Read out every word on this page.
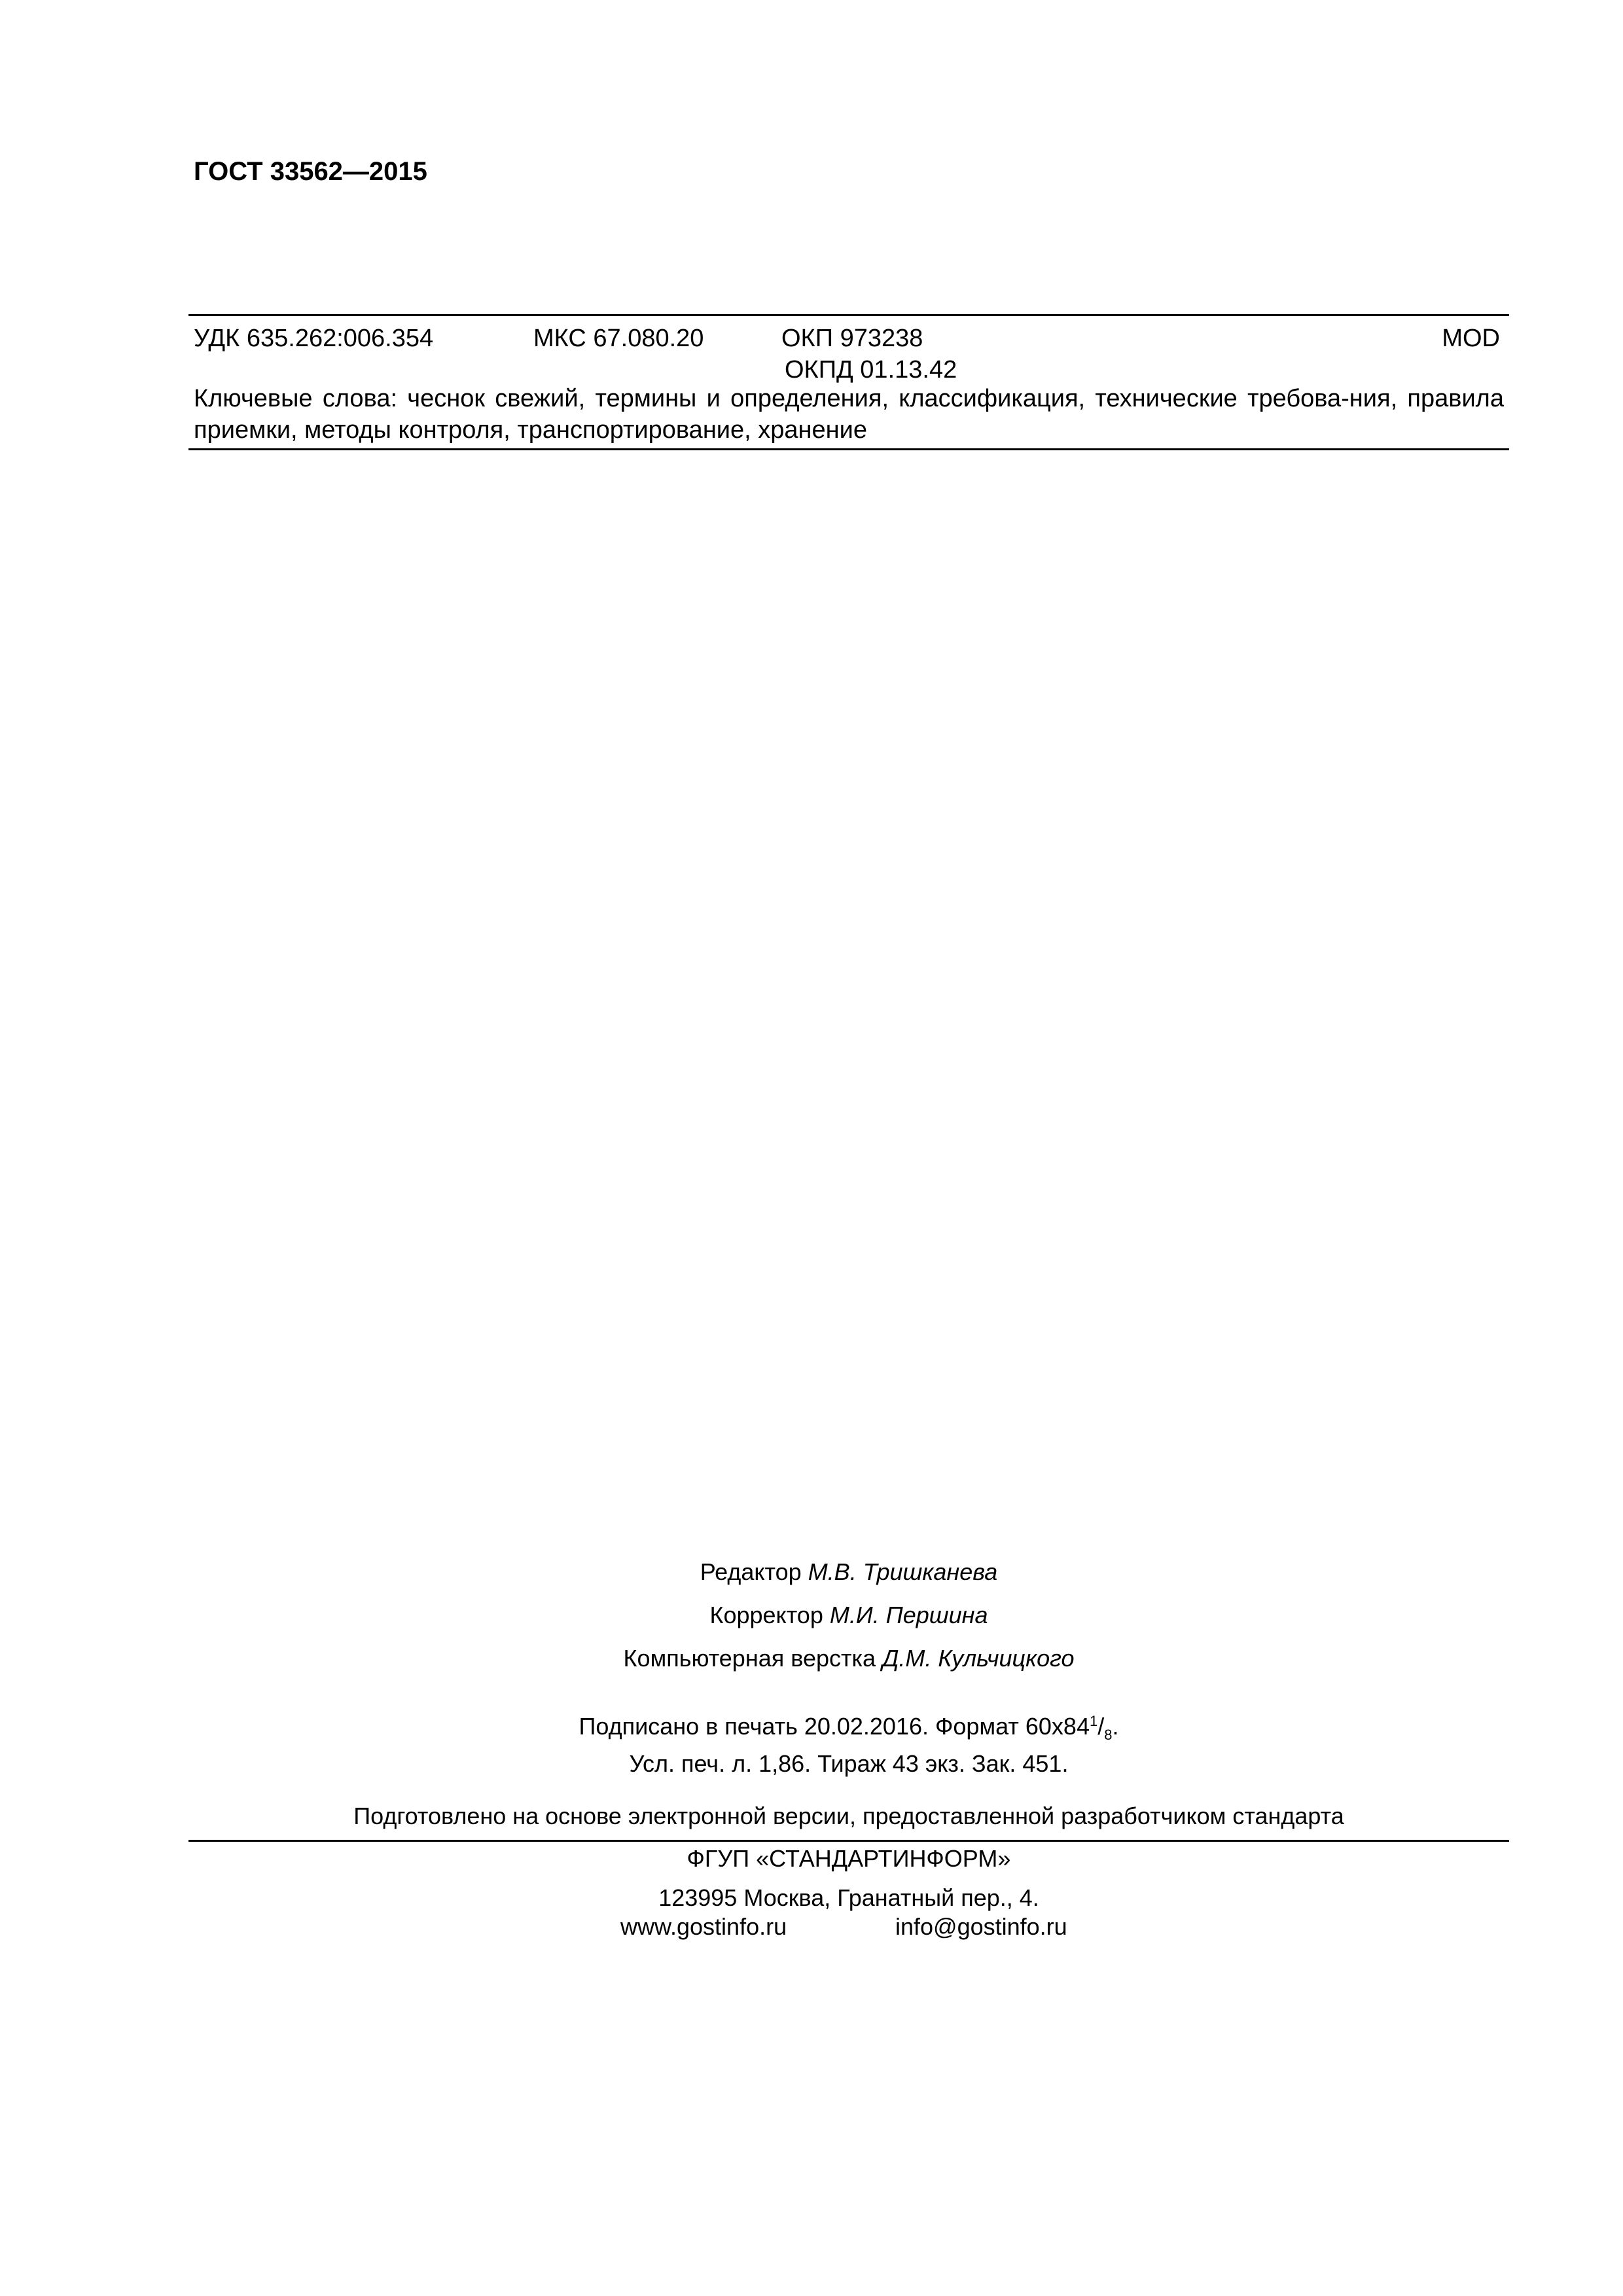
ГОСТ 33562—2015
УДК 635.262:006.354	МКС 67.080.20	ОКП 973238
ОКПД 01.13.42
MOD
Ключевые слова: чеснок свежий, термины и определения, классификация, технические требова-ния, правила приемки, методы контроля, транспортирование, хранение
Редактор М.В. Тришканева
Корректор М.И. Першина
Компьютерная верстка Д.М. Кульчицкого
Подписано в печать 20.02.2016. Формат $60x84^1/_8$.
Усл. печ. л. 1,86. Тираж 43 экз. Зак. 451.
Подготовлено на основе электронной версии, предоставленной разработчиком стандарта
ФГУП «СТАНДАРТИНФОРМ»
123995 Москва, Гранатный пер., 4.
www.gostinfo.ru	info@gostinfo.ru
